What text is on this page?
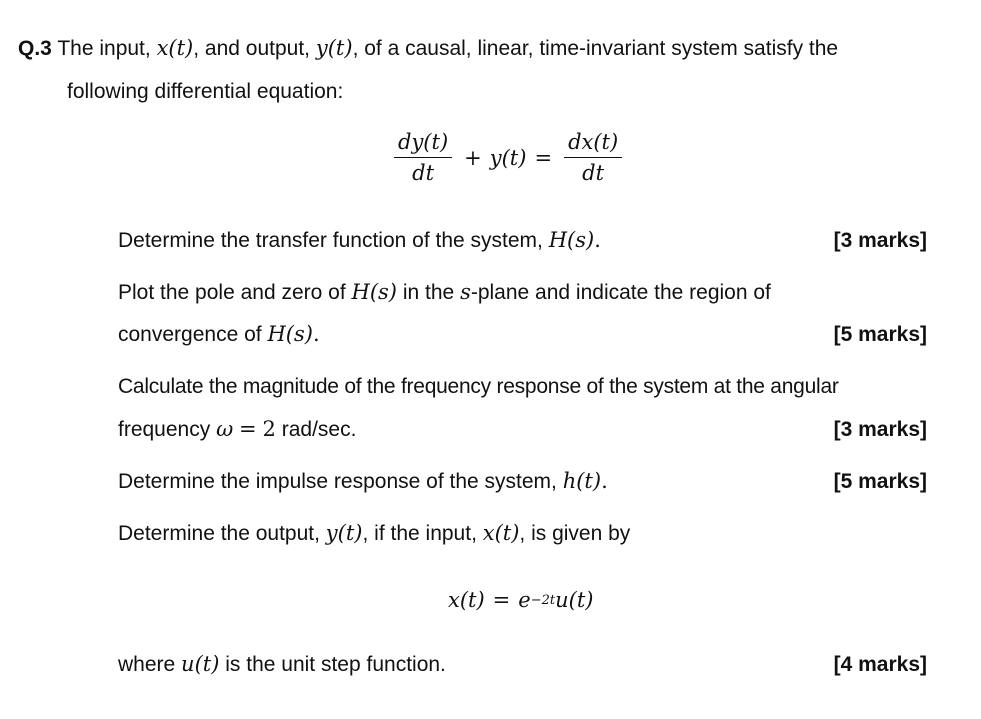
Q.3 The input, x(t), and output, y(t), of a causal, linear, time-invariant system satisfy the
following differential equation:
$\frac{dy(t)}{dt} + y(t) = \frac{dx(t)}{dt}$
Determine the transfer function of the system, H(s).	[3 marks]
Plot the pole and zero of H(s) in the s-plane and indicate the region of
convergence of H(s).	[5 marks]
Calculate the magnitude of the frequency response of the system at the angular
frequency ω = 2 rad/sec.	[3 marks]
Determine the impulse response of the system, h(t).	[5 marks]
Determine the output, y(t), if the input, x(t), is given by
x(t) = e −2t u(t)
where u(t) is the unit step function.	[4 marks]
